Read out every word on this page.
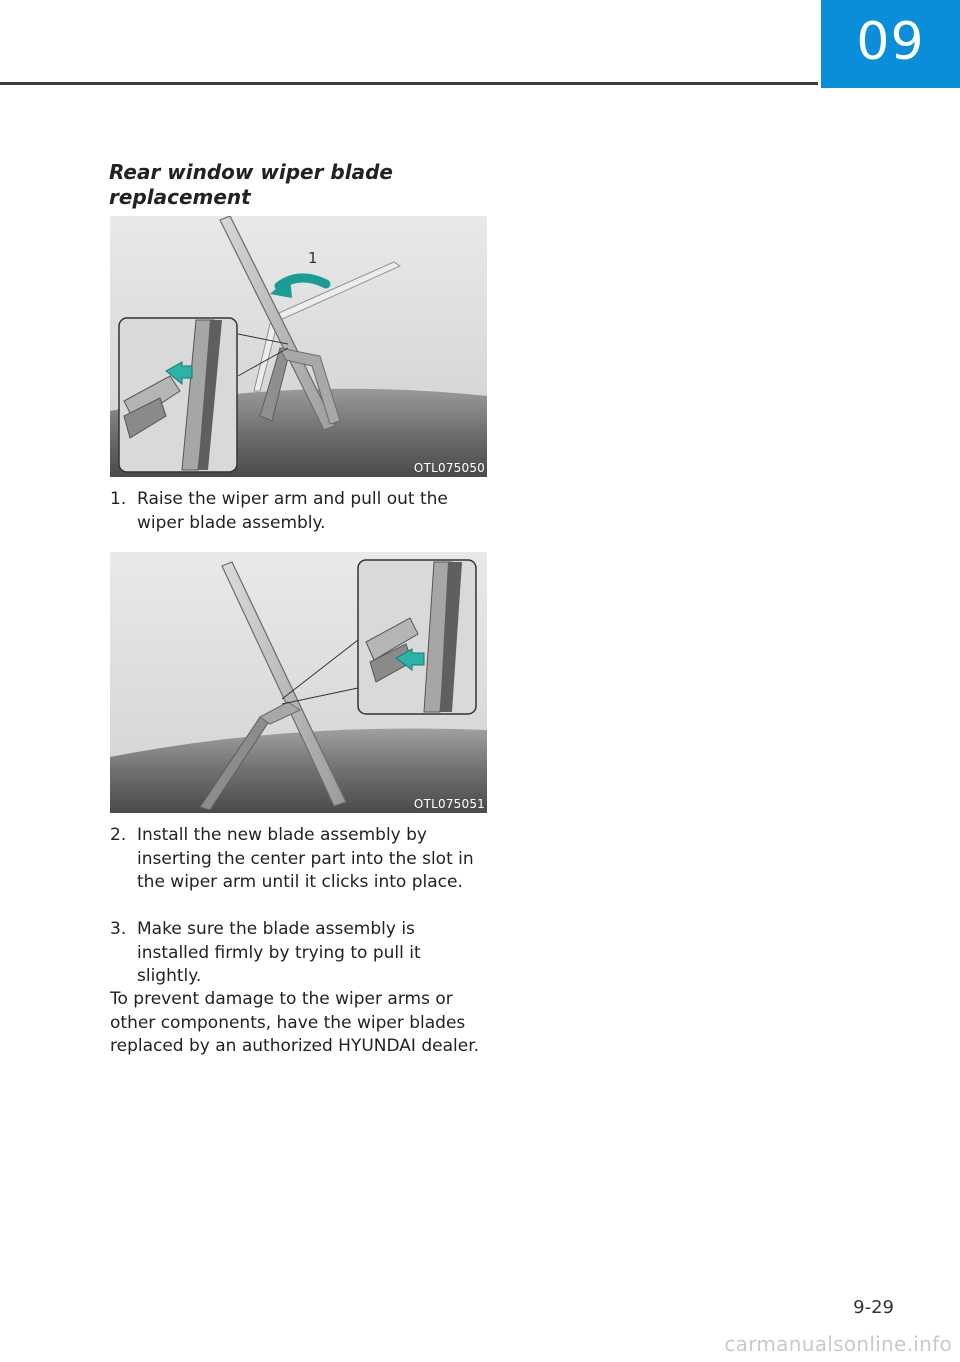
09
Rear window wiper blade
replacement
1
OTL075050
1. Raise the wiper arm and pull out the wiper blade assembly.
OTL075051
2. Install the new blade assembly by inserting the center part into the slot in the wiper arm until it clicks into place.
3. Make sure the blade assembly is installed firmly by trying to pull it slightly.
To prevent damage to the wiper arms or other components, have the wiper blades replaced by an authorized HYUNDAI dealer.
9-29
carmanualsonline.info
